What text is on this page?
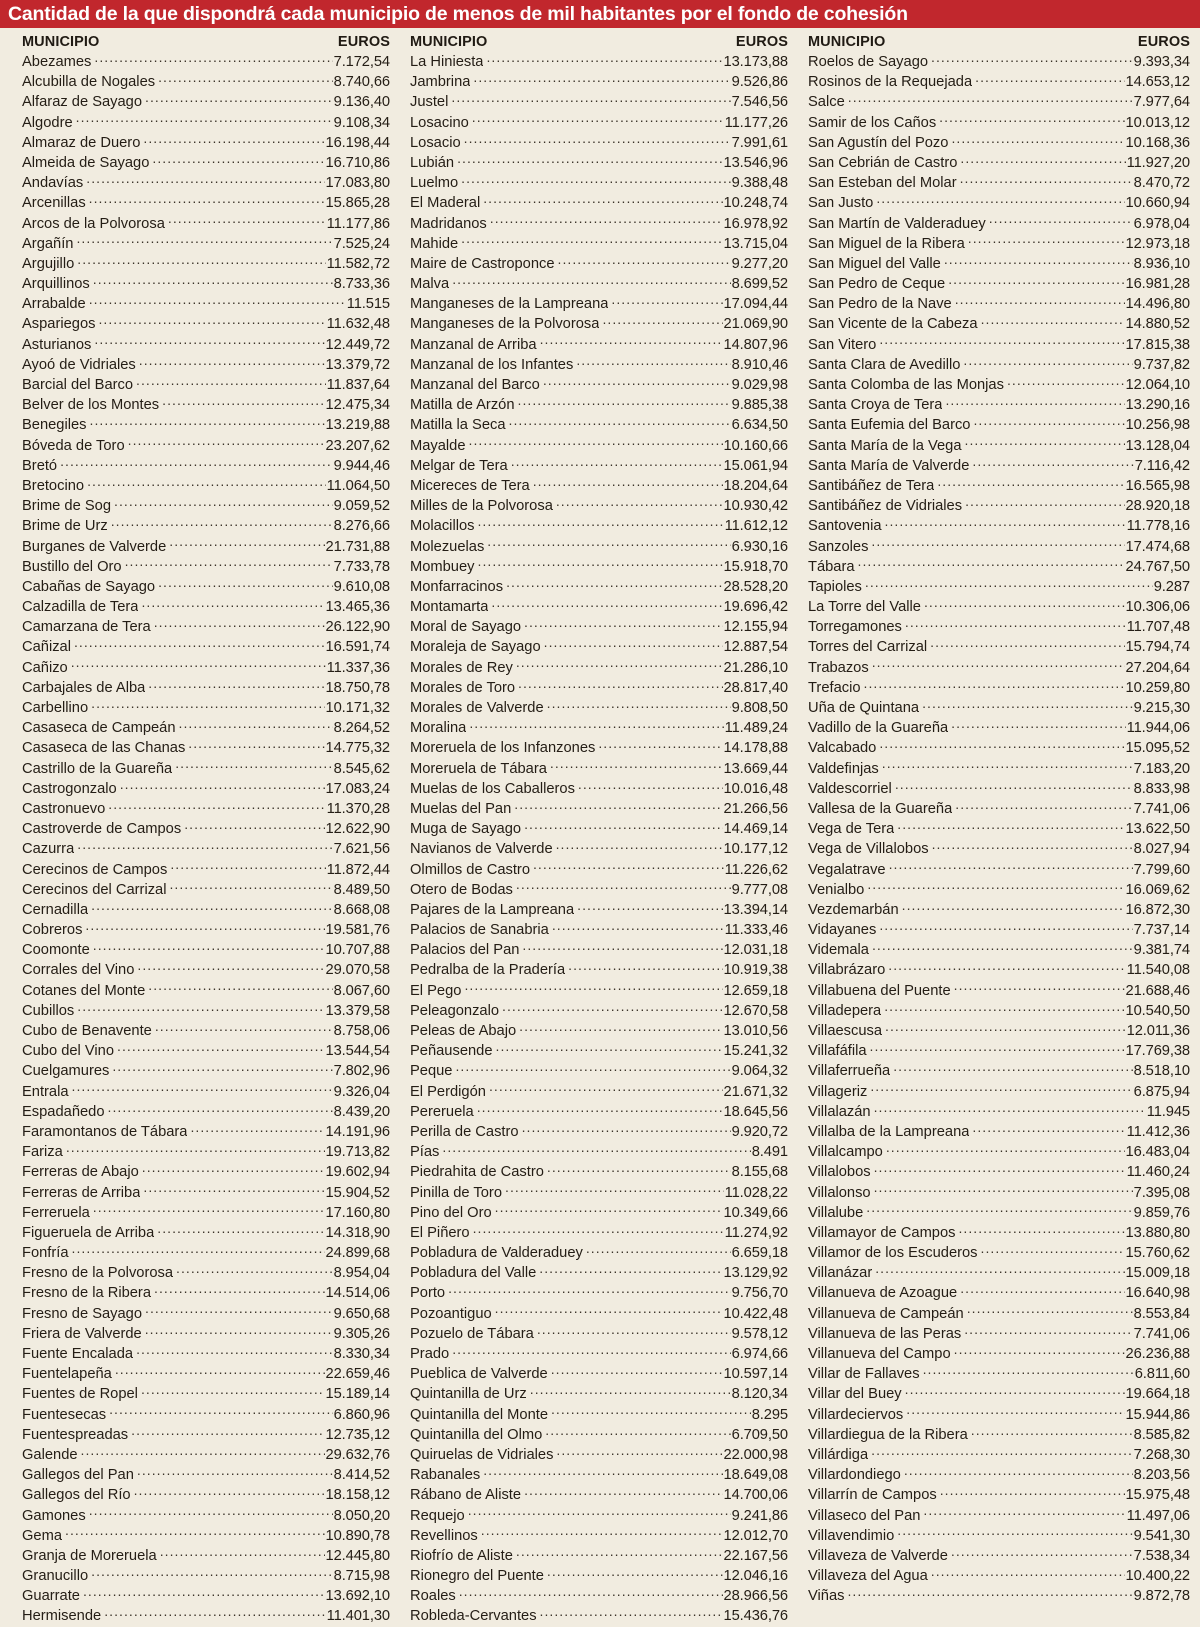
Cantidad de la que dispondrá cada municipio de menos de mil habitantes por el fondo de cohesión
MUNICIPIO	EUROS
Abezames .....	7.172,54
Alcubilla de Nogales .....	8.740,66
Alfaraz de Sayago .....	9.136,40
Algodre .....	9.108,34
Almaraz de Duero .....	16.198,44
Almeida de Sayago .....	16.710,86
Andavías .....	17.083,80
Arcenillas .....	15.865,28
Arcos de la Polvorosa .....	11.177,86
Argañín .....	7.525,24
Argujillo .....	11.582,72
Arquillinos .....	8.733,36
Arrabalde .....	11.515
Aspariegos .....	11.632,48
Asturianos .....	12.449,72
Ayoó de Vidriales .....	13.379,72
Barcial del Barco .....	11.837,64
Belver de los Montes .....	12.475,34
Benegiles .....	13.219,88
Bóveda de Toro .....	23.207,62
Bretó .....	9.944,46
Bretocino .....	11.064,50
Brime de Sog .....	9.059,52
Brime de Urz .....	8.276,66
Burganes de Valverde .....	21.731,88
Bustillo del Oro .....	7.733,78
Cabañas de Sayago .....	9.610,08
Calzadilla de Tera .....	13.465,36
Camarzana de Tera .....	26.122,90
Cañizal .....	16.591,74
Cañizo .....	11.337,36
Carbajales de Alba .....	18.750,78
Carbellino .....	10.171,32
Casaseca de Campeán .....	8.264,52
Casaseca de las Chanas .....	14.775,32
Castrillo de la Guareña .....	8.545,62
Castrogonzalo .....	17.083,24
Castronuevo .....	11.370,28
Castroverde de Campos .....	12.622,90
Cazurra .....	7.621,56
Cerecinos de Campos .....	11.872,44
Cerecinos del Carrizal .....	8.489,50
Cernadilla .....	8.668,08
Cobreros .....	19.581,76
Coomonte .....	10.707,88
Corrales del Vino .....	29.070,58
Cotanes del Monte .....	8.067,60
Cubillos .....	13.379,58
Cubo de Benavente .....	8.758,06
Cubo del Vino .....	13.544,54
Cuelgamures .....	7.802,96
Entrala .....	9.326,04
Espadañedo .....	8.439,20
Faramontanos de Tábara .....	14.191,96
Fariza .....	19.713,82
Ferreras de Abajo .....	19.602,94
Ferreras de Arriba .....	15.904,52
Ferreruela .....	17.160,80
Figueruela de Arriba .....	14.318,90
Fonfría .....	24.899,68
Fresno de la Polvorosa .....	8.954,04
Fresno de la Ribera .....	14.514,06
Fresno de Sayago .....	9.650,68
Friera de Valverde .....	9.305,26
Fuente Encalada .....	8.330,34
Fuentelapeña .....	22.659,46
Fuentes de Ropel .....	15.189,14
Fuentesecas .....	6.860,96
Fuentespreadas .....	12.735,12
Galende .....	29.632,76
Gallegos del Pan .....	8.414,52
Gallegos del Río .....	18.158,12
Gamones .....	8.050,20
Gema .....	10.890,78
Granja de Moreruela .....	12.445,80
Granucillo .....	8.715,98
Guarrate .....	13.692,10
Hermisende .....	11.401,30
MUNICIPIO	EUROS
La Hiniesta .....	13.173,88
Jambrina .....	9.526,86
Justel .....	7.546,56
Losacino .....	11.177,26
Losacio .....	7.991,61
Lubián .....	13.546,96
Luelmo .....	9.388,48
El Maderal .....	10.248,74
Madridanos .....	16.978,92
Mahide .....	13.715,04
Maire de Castroponce .....	9.277,20
Malva .....	8.699,52
Manganeses de la Lampreana .....	17.094,44
Manganeses de la Polvorosa .....	21.069,90
Manzanal de Arriba .....	14.807,96
Manzanal de los Infantes .....	8.910,46
Manzanal del Barco .....	9.029,98
Matilla de Arzón .....	9.885,38
Matilla la Seca .....	6.634,50
Mayalde .....	10.160,66
Melgar de Tera .....	15.061,94
Micereces de Tera .....	18.204,64
Milles de la Polvorosa .....	10.930,42
Molacillos .....	11.612,12
Molezuelas .....	6.930,16
Mombuey .....	15.918,70
Monfarracinos .....	28.528,20
Montamarta .....	19.696,42
Moral de Sayago .....	12.155,94
Moraleja de Sayago .....	12.887,54
Morales de Rey .....	21.286,10
Morales de Toro .....	28.817,40
Morales de Valverde .....	9.808,50
Moralina .....	11.489,24
Moreruela de los Infanzones .....	14.178,88
Moreruela de Tábara .....	13.669,44
Muelas de los Caballeros .....	10.016,48
Muelas del Pan .....	21.266,56
Muga de Sayago .....	14.469,14
Navianos de Valverde .....	10.177,12
Olmillos de Castro .....	11.226,62
Otero de Bodas .....	9.777,08
Pajares de la Lampreana .....	13.394,14
Palacios de Sanabria .....	11.333,46
Palacios del Pan .....	12.031,18
Pedralba de la Pradería .....	10.919,38
El Pego .....	12.659,18
Peleagonzalo .....	12.670,58
Peleas de Abajo .....	13.010,56
Peñausende .....	15.241,32
Peque .....	9.064,32
El Perdigón .....	21.671,32
Pereruela .....	18.645,56
Perilla de Castro .....	9.920,72
Pías .....	8.491
Piedrahita de Castro .....	8.155,68
Pinilla de Toro .....	11.028,22
Pino del Oro .....	10.349,66
El Piñero .....	11.274,92
Pobladura de Valderaduey .....	6.659,18
Pobladura del Valle .....	13.129,92
Porto .....	9.756,70
Pozoantiguo .....	10.422,48
Pozuelo de Tábara .....	9.578,12
Prado .....	6.974,66
Pueblica de Valverde .....	10.597,14
Quintanilla de Urz .....	8.120,34
Quintanilla del Monte .....	8.295
Quintanilla del Olmo .....	6.709,50
Quiruelas de Vidriales .....	22.000,98
Rabanales .....	18.649,08
Rábano de Aliste .....	14.700,06
Requejo .....	9.241,86
Revellinos .....	12.012,70
Riofrío de Aliste .....	22.167,56
Rionegro del Puente .....	12.046,16
Roales .....	28.966,56
Robleda-Cervantes .....	15.436,76
MUNICIPIO	EUROS
Roelos de Sayago .....	9.393,34
Rosinos de la Requejada .....	14.653,12
Salce .....	7.977,64
Samir de los Caños .....	10.013,12
San Agustín del Pozo .....	10.168,36
San Cebrián de Castro .....	11.927,20
San Esteban del Molar .....	8.470,72
San Justo .....	10.660,94
San Martín de Valderaduey .....	6.978,04
San Miguel de la Ribera .....	12.973,18
San Miguel del Valle .....	8.936,10
San Pedro de Ceque .....	16.981,28
San Pedro de la Nave .....	14.496,80
San Vicente de la Cabeza .....	14.880,52
San Vitero .....	17.815,38
Santa Clara de Avedillo .....	9.737,82
Santa Colomba de las Monjas .....	12.064,10
Santa Croya de Tera .....	13.290,16
Santa Eufemia del Barco .....	10.256,98
Santa María de la Vega .....	13.128,04
Santa María de Valverde .....	7.116,42
Santibáñez de Tera .....	16.565,98
Santibáñez de Vidriales .....	28.920,18
Santovenia .....	11.778,16
Sanzoles .....	17.474,68
Tábara .....	24.767,50
Tapioles .....	9.287
La Torre del Valle .....	10.306,06
Torregamones .....	11.707,48
Torres del Carrizal .....	15.794,74
Trabazos .....	27.204,64
Trefacio .....	10.259,80
Uña de Quintana .....	9.215,30
Vadillo de la Guareña .....	11.944,06
Valcabado .....	15.095,52
Valdefinjas .....	7.183,20
Valdescorriel .....	8.833,98
Vallesa de la Guareña .....	7.741,06
Vega de Tera .....	13.622,50
Vega de Villalobos .....	8.027,94
Vegalatrave .....	7.799,60
Venialbo .....	16.069,62
Vezdemarbán .....	16.872,30
Vidayanes .....	7.737,14
Videmala .....	9.381,74
Villabrázaro .....	11.540,08
Villabuena del Puente .....	21.688,46
Villadepera .....	10.540,50
Villaescusa .....	12.011,36
Villafáfila .....	17.769,38
Villaferrueña .....	8.518,10
Villageriz .....	6.875,94
Villalazán .....	11.945
Villalba de la Lampreana .....	11.412,36
Villalcampo .....	16.483,04
Villalobos .....	11.460,24
Villalonso .....	7.395,08
Villalube .....	9.859,76
Villamayor de Campos .....	13.880,80
Villamor de los Escuderos .....	15.760,62
Villanázar .....	15.009,18
Villanueva de Azoague .....	16.640,98
Villanueva de Campeán .....	8.553,84
Villanueva de las Peras .....	7.741,06
Villanueva del Campo .....	26.236,88
Villar de Fallaves .....	6.811,60
Villar del Buey .....	19.664,18
Villardeciervos .....	15.944,86
Villardiegua de la Ribera .....	8.585,82
Villárdiga .....	7.268,30
Villardondiego .....	8.203,56
Villarrín de Campos .....	15.975,48
Villaseco del Pan .....	11.497,06
Villavendimio .....	9.541,30
Villaveza de Valverde .....	7.538,34
Villaveza del Agua .....	10.400,22
Viñas .....	9.872,78
